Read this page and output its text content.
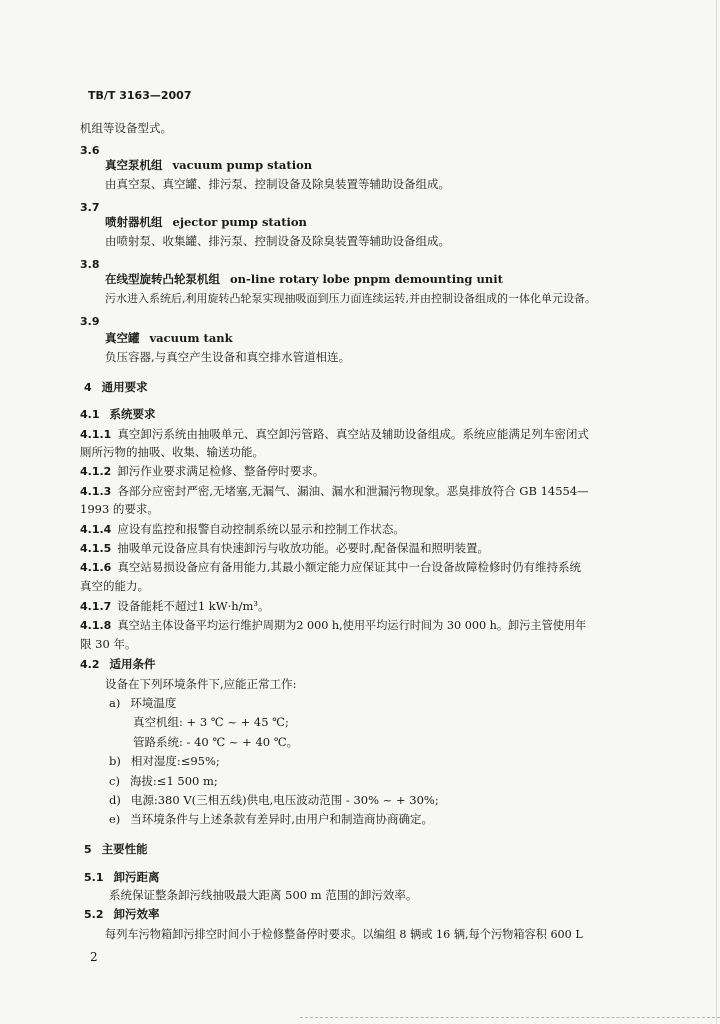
TB/T 3163—2007
机组等设备型式。
3.6
真空泵机组 vacuum pump station
由真空泵、真空罐、排污泵、控制设备及除臭装置等辅助设备组成。
3.7
喷射器机组 ejector pump station
由喷射泵、收集罐、排污泵、控制设备及除臭装置等辅助设备组成。
3.8
在线型旋转凸轮泵机组 on-line rotary lobe pnpm demounting unit
污水进入系统后,利用旋转凸轮泵实现抽吸面到压力面连续运转,并由控制设备组成的一体化单元设备。
3.9
真空罐 vacuum tank
负压容器,与真空产生设备和真空排水管道相连。
4 通用要求
4.1 系统要求
4.1.1 真空卸污系统由抽吸单元、真空卸污管路、真空站及辅助设备组成。系统应能满足列车密闭式
厕所污物的抽吸、收集、输送功能。
4.1.2 卸污作业要求满足检修、整备停时要求。
4.1.3 各部分应密封严密,无堵塞,无漏气、漏油、漏水和泄漏污物现象。恶臭排放符合 GB 14554—
1993 的要求。
4.1.4 应设有监控和报警自动控制系统以显示和控制工作状态。
4.1.5 抽吸单元设备应具有快速卸污与收放功能。必要时,配备保温和照明装置。
4.1.6 真空站易损设备应有备用能力,其最小额定能力应保证其中一台设备故障检修时仍有维持系统
真空的能力。
4.1.7 设备能耗不超过1 kW·h/m³。
4.1.8 真空站主体设备平均运行维护周期为2 000 h,使用平均运行时间为 30 000 h。卸污主管使用年
限 30 年。
4.2 适用条件
设备在下列环境条件下,应能正常工作:
a) 环境温度
真空机组: + 3 ℃ ~ + 45 ℃;
管路系统: - 40 ℃ ~ + 40 ℃。
b) 相对湿度:≤95%;
c) 海拔:≤1 500 m;
d) 电源:380 V(三相五线)供电,电压波动范围 - 30% ~ + 30%;
e) 当环境条件与上述条款有差异时,由用户和制造商协商确定。
5 主要性能
5.1 卸污距离
系统保证整条卸污线抽吸最大距离 500 m 范围的卸污效率。
5.2 卸污效率
每列车污物箱卸污排空时间小于检修整备停时要求。以编组 8 辆或 16 辆,每个污物箱容积 600 L
2
